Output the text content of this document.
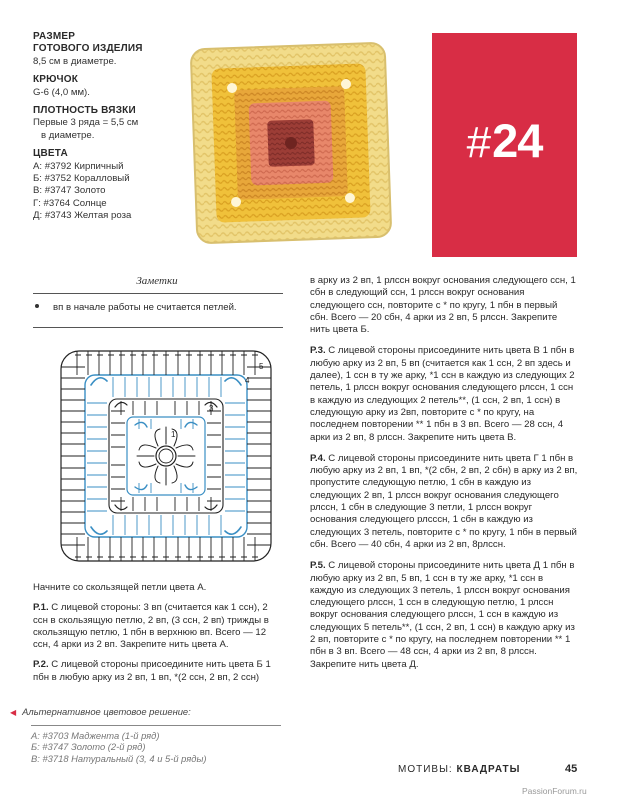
РАЗМЕР
ГОТОВОГО ИЗДЕЛИЯ
8,5 см в диаметре.
КРЮЧОК
G-6 (4,0 мм).
ПЛОТНОСТЬ ВЯЗКИ
Первые 3 ряда = 5,5 см
в диаметре.
ЦВЕТА
А: #3792 Кирпичный
Б: #3752 Коралловый
В: #3747 Золото
Г: #3764 Солнце
Д: #3743 Желтая роза
#24
Заметки
вп в начале работы не считается петлей.
1
3
4
5

Начните со скользящей петли цвета А.

Р.1. С лицевой стороны: 3 вп (считается как 1 ссн), 2 ссн в скользящую петлю, 2 вп, (3 ссн, 2 вп) трижды в скользящую петлю, 1 пбн в верхнюю вп. Всего — 12 ссн, 4 арки из 2 вп. Закрепите нить цвета А.

Р.2. С лицевой стороны присоедините нить цвета Б 1 пбн в любую арку из 2 вп, 1 вп, *(2 ссн, 2 вп, 2 ссн)

◀ Альтернативное цветовое решение:
А: #3703 Маджента (1-й ряд)
Б: #3747 Золото (2-й ряд)
В: #3718 Натуральный (3, 4 и 5-й ряды)

в арку из 2 вп, 1 рлссн вокруг основания следующего ссн, 1 сбн в следующий ссн, 1 рлссн вокруг основания следующего ссн, повторите с * по кругу, 1 пбн в первый сбн. Всего — 20 сбн, 4 арки из 2 вп, 5 рлссн. Закрепите нить цвета Б.

Р.3. С лицевой стороны присоедините нить цвета В 1 пбн в любую арку из 2 вп, 5 вп (считается как 1 ссн, 2 вп здесь и далее), 1 ссн в ту же арку, *1 ссн в каждую из следующих 2 петель, 1 рлссн вокруг основания следующего рлссн, 1 ссн в каждую из следующих 2 петель**, (1 ссн, 2 вп, 1 ссн) в следующую арку из 2вп, повторите с * по кругу, на последнем повторении ** 1 пбн в 3 вп. Всего — 28 ссн, 4 арки из 2 вп, 8 рлссн. Закрепите нить цвета В.

Р.4. С лицевой стороны присоедините нить цвета Г 1 пбн в любую арку из 2 вп, 1 вп, *(2 сбн, 2 вп, 2 сбн) в арку из 2 вп, пропустите следующую петлю, 1 сбн в каждую из следующих 2 вп, 1 рлссн вокруг основания следующего рлссн, 1 сбн в следующие 3 петли, 1 рлссн вокруг основания следующего рлсссн, 1 сбн в каждую из следующих 3 петель, повторите с * по кругу, 1 пбн в первый сбн. Всего — 40 сбн, 4 арки из 2 вп, 8рлссн.

Р.5. С лицевой стороны присоедините нить цвета Д 1 пбн в любую арку из 2 вп, 5 вп, 1 ссн в ту же арку, *1 ссн в каждую из следующих 3 петель, 1 рлссн вокруг основания следующего рлссн, 1 ссн в следующую петлю, 1 рлссн вокруг основания следующего рлссн, 1 ссн в каждую из следующих 5 петель**, (1 ссн, 2 вп, 1 ссн) в каждую арку из 2 вп, повторите с * по кругу, на последнем повторении ** 1 пбн в 3 вп. Всего — 48 ссн, 4 арки из 2 вп, 8 рлссн. Закрепите нить цвета Д.

МОТИВЫ: КВАДРАТЫ	45
PassionForum.ru
